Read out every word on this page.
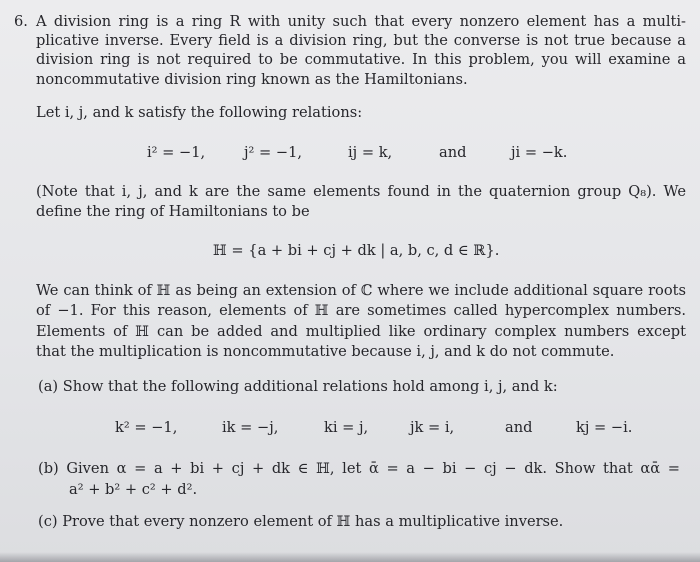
6. A division ring is a ring R with unity such that every nonzero element has a multi-
plicative inverse. Every field is a division ring, but the converse is not true because a
division ring is not required to be commutative. In this problem, you will examine a
noncommutative division ring known as the Hamiltonians.
Let i, j, and k satisfy the following relations:
i² = −1,	j² = −1,	ij = k,	and	ji = −k.
(Note that i, j, and k are the same elements found in the quaternion group Q₈). We
define the ring of Hamiltonians to be
ℍ = {a + bi + cj + dk | a, b, c, d ∈ ℝ}.
We can think of ℍ as being an extension of ℂ where we include additional square roots
of −1. For this reason, elements of ℍ are sometimes called hypercomplex numbers.
Elements of ℍ can be added and multiplied like ordinary complex numbers except
that the multiplication is noncommutative because i, j, and k do not commute.
(a) Show that the following additional relations hold among i, j, and k:
k² = −1,	ik = −j,	ki = j,	jk = i,	and	kj = −i.
(b) Given α = a + bi + cj + dk ∈ ℍ, let ᾱ = a − bi − cj − dk. Show that αᾱ =
a² + b² + c² + d².
(c) Prove that every nonzero element of ℍ has a multiplicative inverse.
